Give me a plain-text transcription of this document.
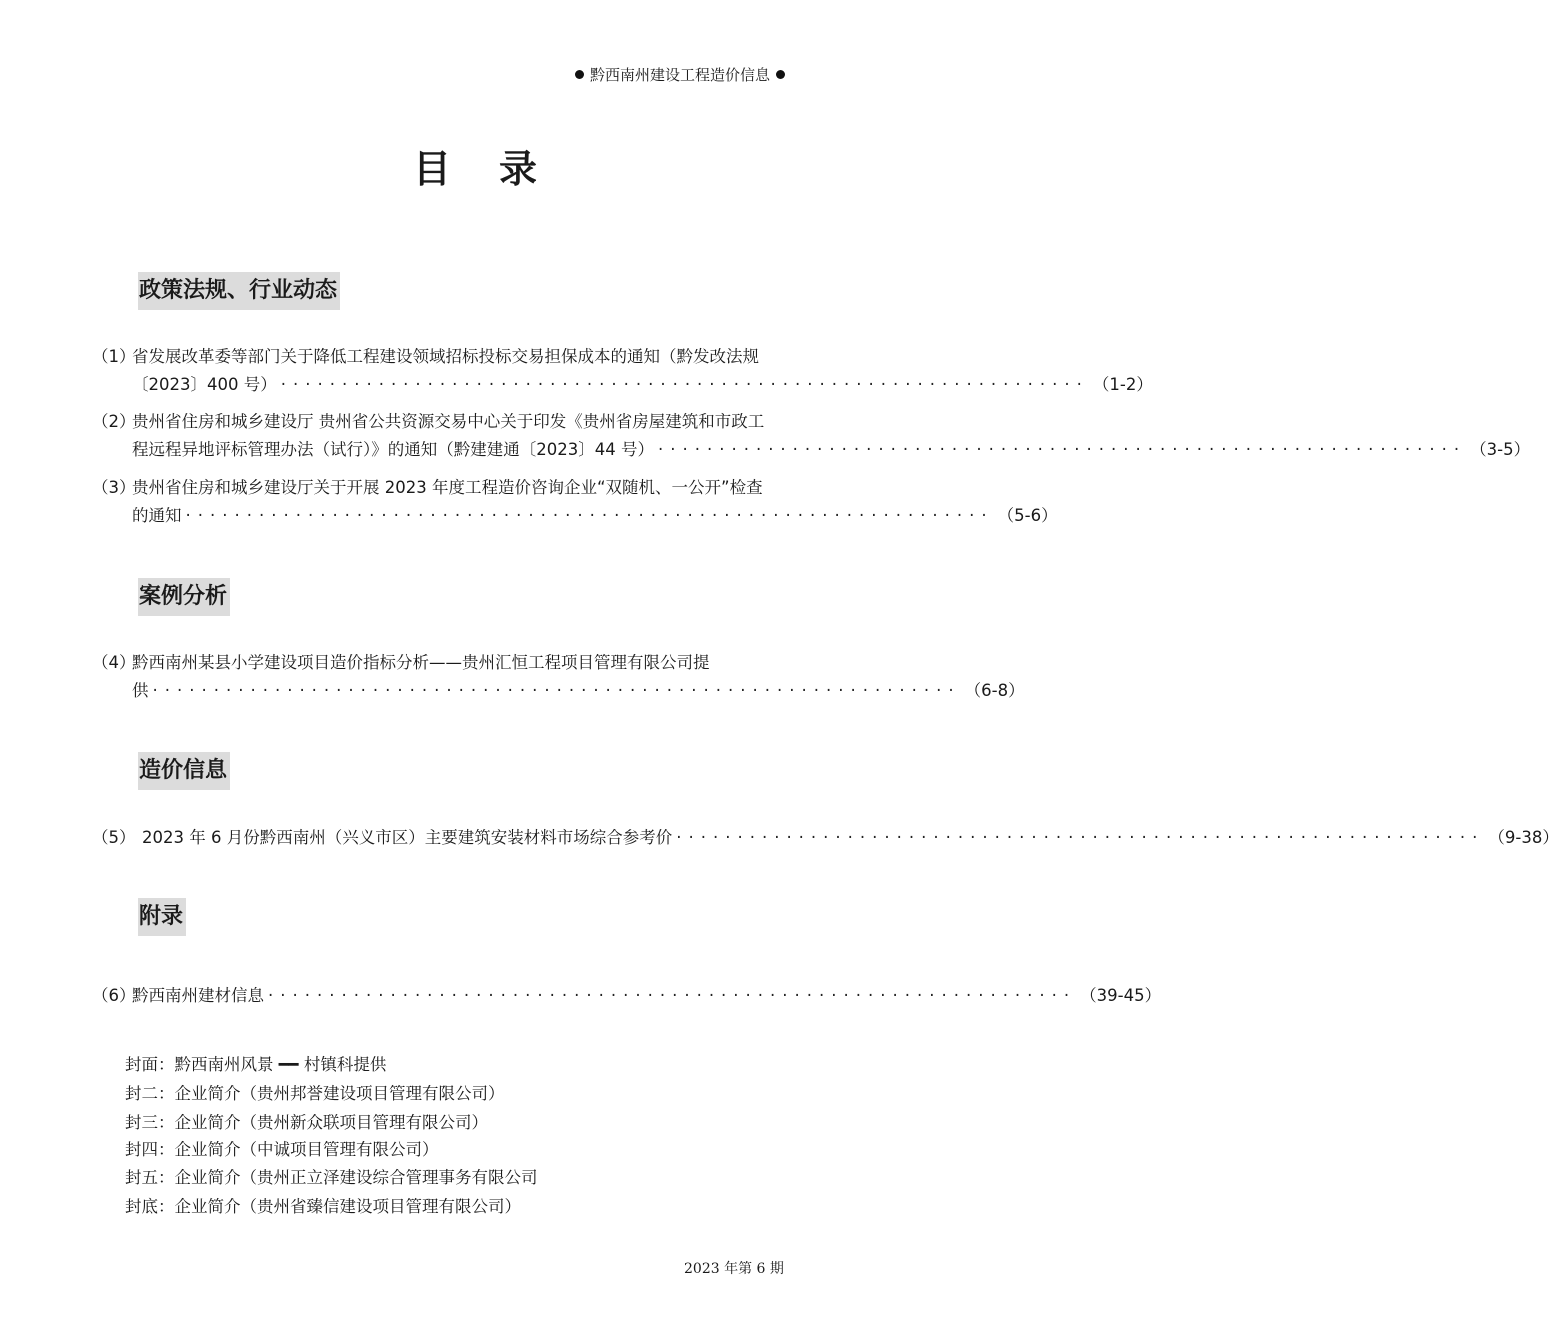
黔西南州建设工程造价信息
目 录
政策法规、行业动态
（1）
省发展改革委等部门关于降低工程建设领域招标投标交易担保成本的通知（黔发改法规
〔2023〕400 号） ·································································· （1-2）
（2）
贵州省住房和城乡建设厅 贵州省公共资源交易中心关于印发《贵州省房屋建筑和市政工
程远程异地评标管理办法（试行）》的通知（黔建建通〔2023〕44 号） ·································································· （3-5）
（3）
贵州省住房和城乡建设厅关于开展 2023 年度工程造价咨询企业“双随机、一公开”检查
的通知 ·································································· （5-6）
案例分析
（4）
黔西南州某县小学建设项目造价指标分析——贵州汇恒工程项目管理有限公司提
供 ·································································· （6-8）
造价信息
（5） 2023 年 6 月份黔西南州（兴义市区）主要建筑安装材料市场综合参考价 ·································································· （9-38）
附录
（6）
黔西南州建材信息 ·································································· （39-45）
封面：黔西南州风景 ━━ 村镇科提供
封二：企业简介（贵州邦誉建设项目管理有限公司）
封三：企业简介（贵州新众联项目管理有限公司）
封四：企业简介（中诚项目管理有限公司）
封五：企业简介（贵州正立泽建设综合管理事务有限公司
封底：企业简介（贵州省臻信建设项目管理有限公司）
2023 年第 6 期
